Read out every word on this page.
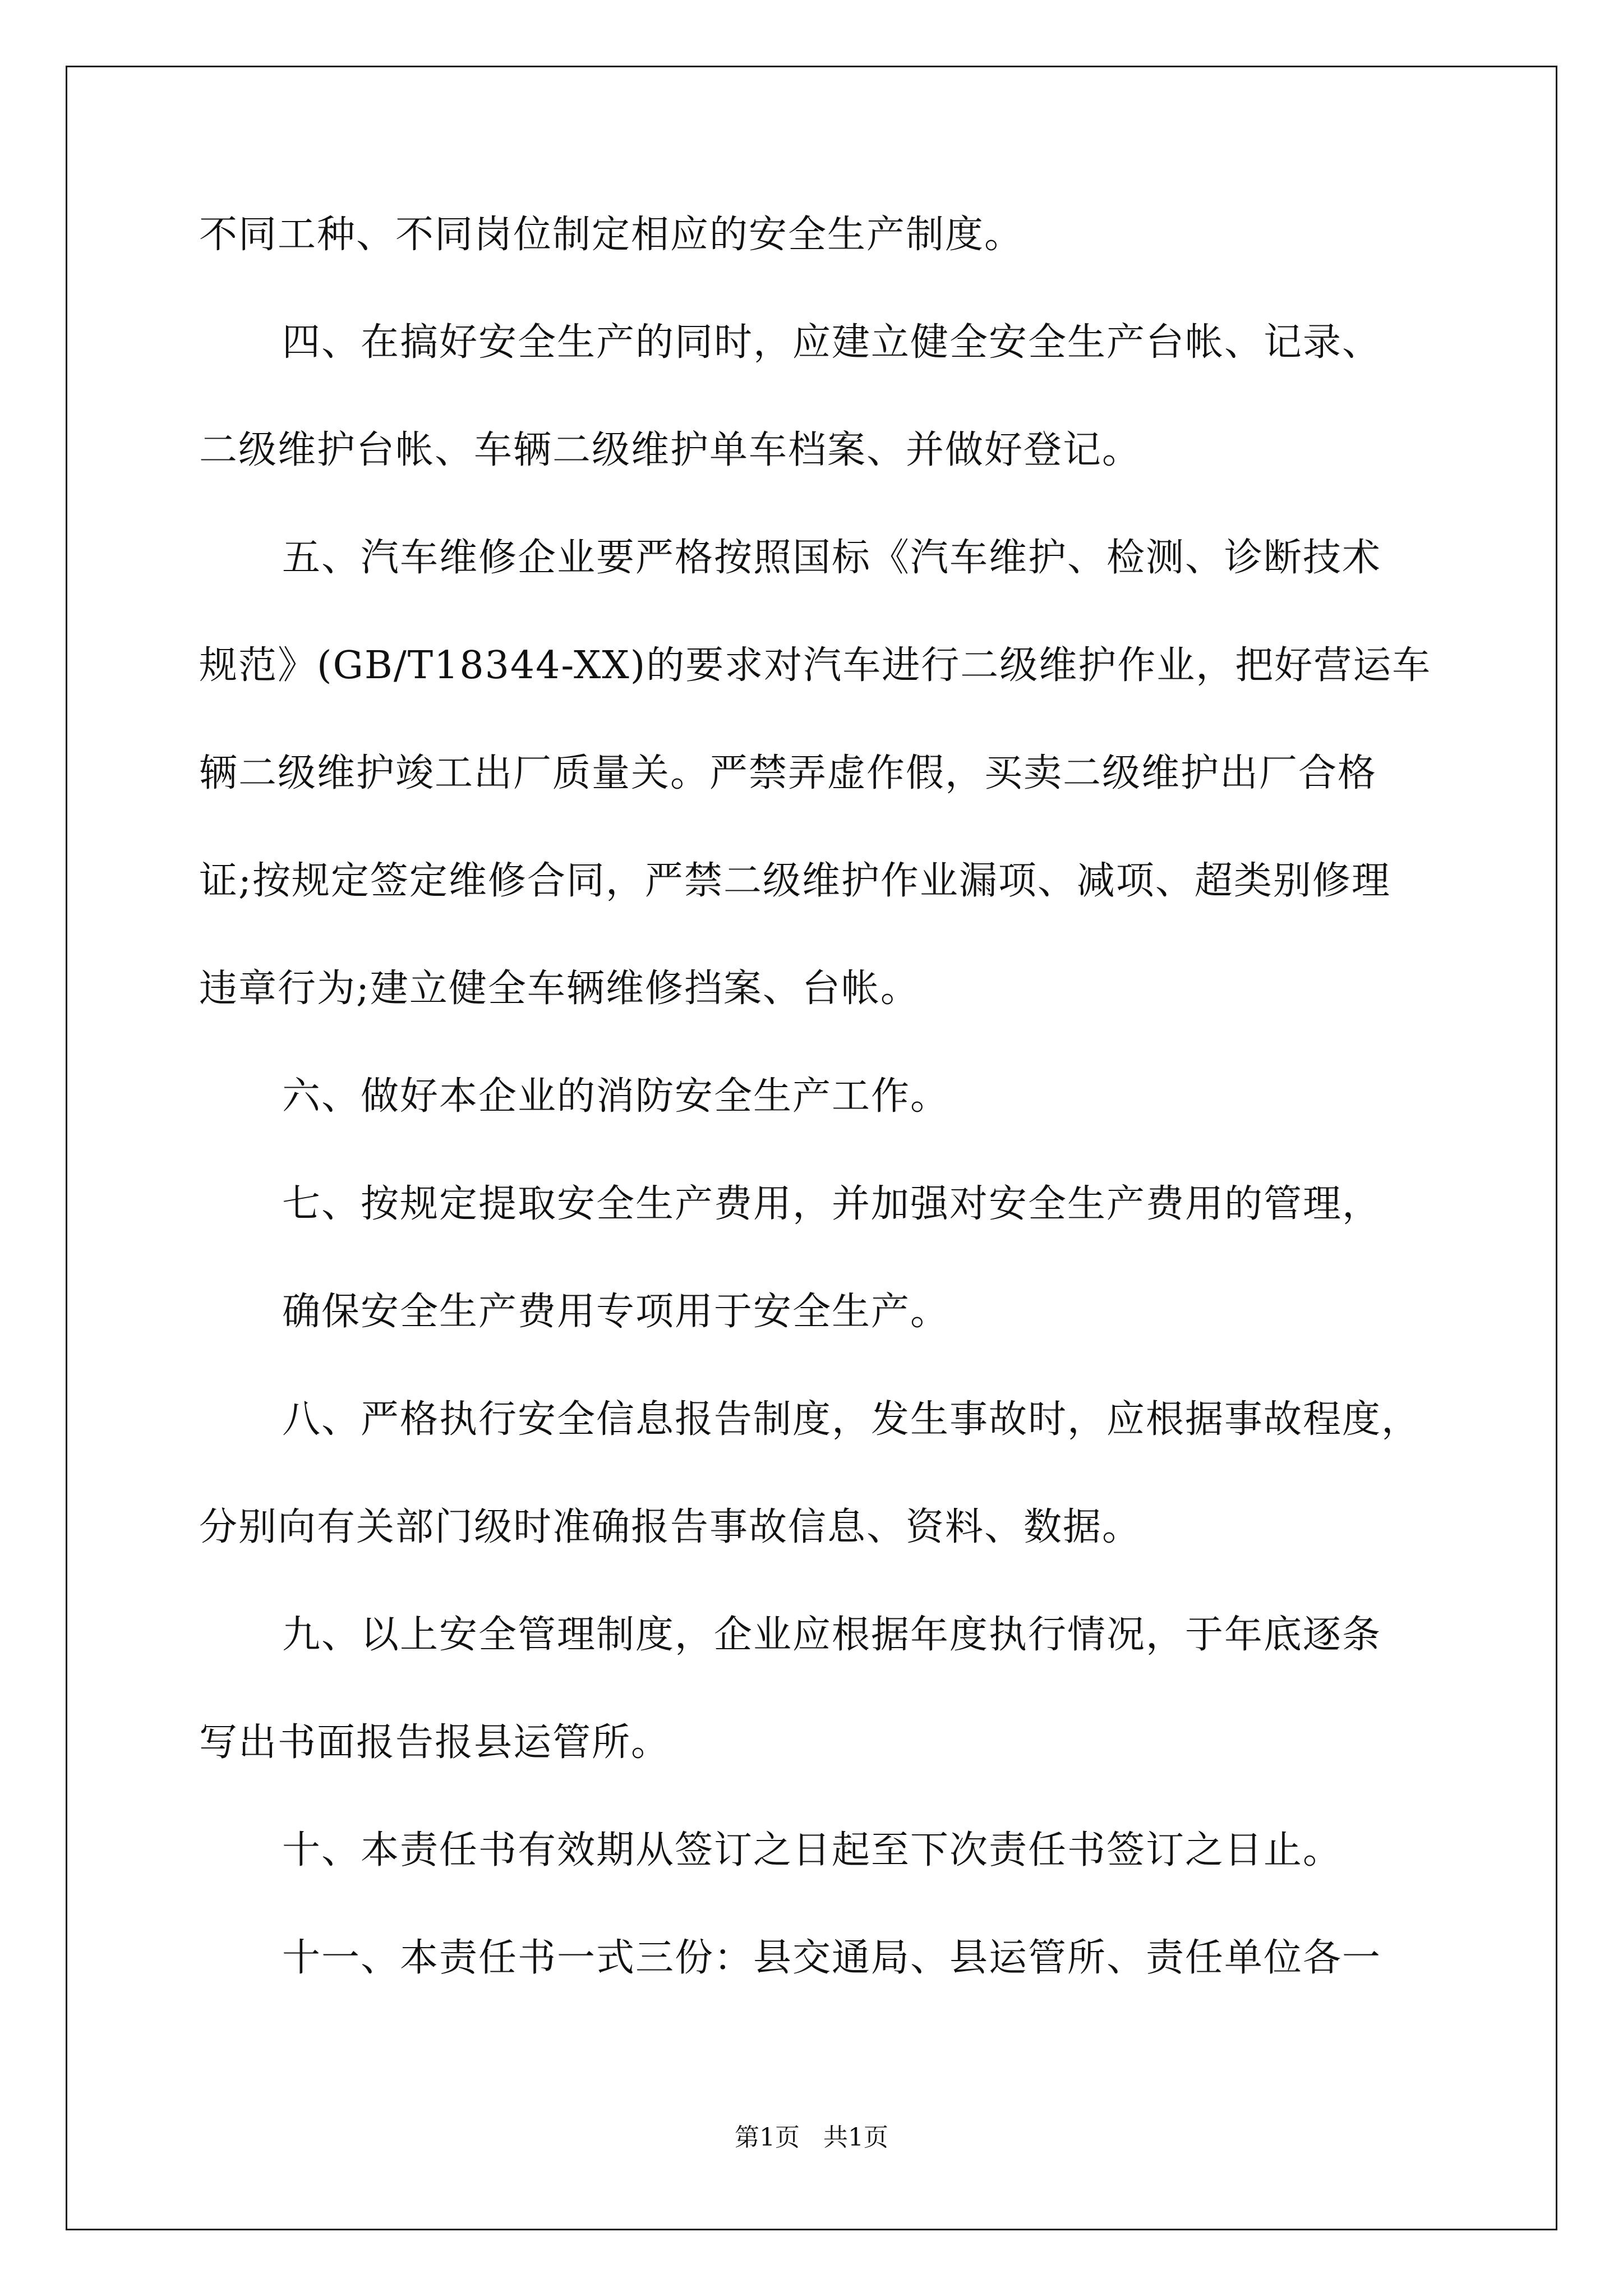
不同工种、不同岗位制定相应的安全生产制度。
四、在搞好安全生产的同时，应建立健全安全生产台帐、记录、
二级维护台帐、车辆二级维护单车档案、并做好登记。
五、汽车维修企业要严格按照国标《汽车维护、检测、诊断技术
规范》(GB/T18344-XX)的要求对汽车进行二级维护作业，把好营运车
辆二级维护竣工出厂质量关。严禁弄虚作假，买卖二级维护出厂合格
证;按规定签定维修合同，严禁二级维护作业漏项、减项、超类别修理
违章行为;建立健全车辆维修挡案、台帐。
六、做好本企业的消防安全生产工作。
七、按规定提取安全生产费用，并加强对安全生产费用的管理，
确保安全生产费用专项用于安全生产。
八、严格执行安全信息报告制度，发生事故时，应根据事故程度，
分别向有关部门级时准确报告事故信息、资料、数据。
九、以上安全管理制度，企业应根据年度执行情况，于年底逐条
写出书面报告报县运管所。
十、本责任书有效期从签订之日起至下次责任书签订之日止。
十一、本责任书一式三份：县交通局、县运管所、责任单位各一
第1页   共1页
